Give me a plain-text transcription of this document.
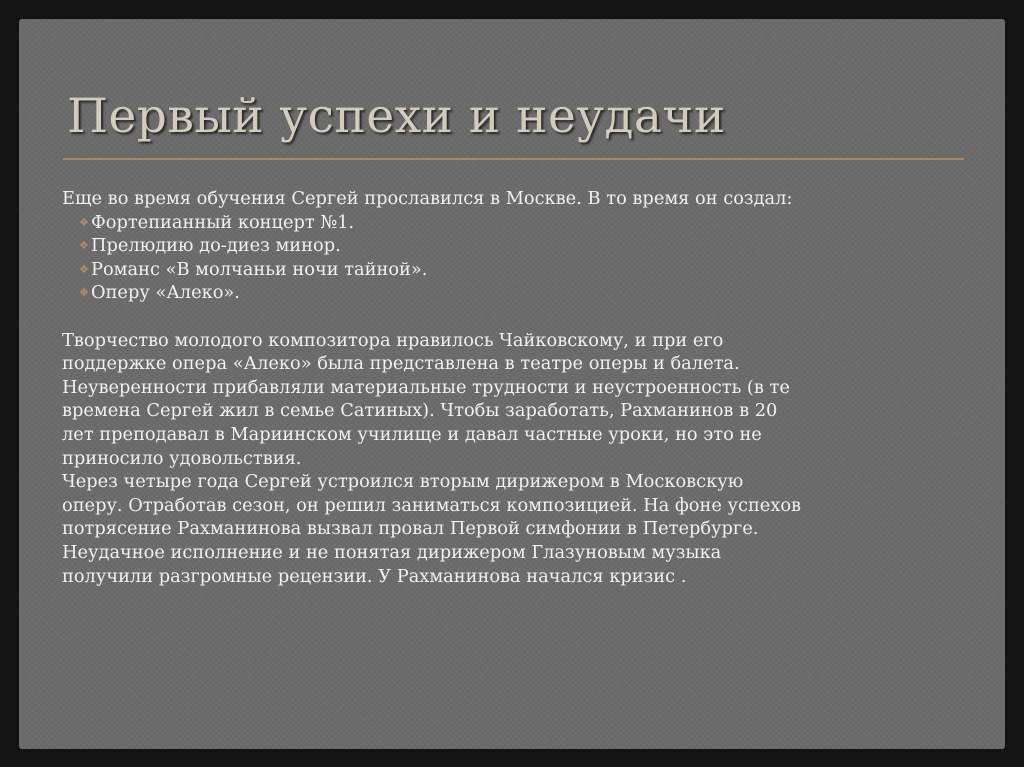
Первый успехи и неудачи

Еще во время обучения Сергей прославился в Москве. В то время он создал:

❖ Фортепианный концерт №1.
❖ Прелюдию до-диез минор.
❖ Романс «В молчаньи ночи тайной».
❖ Оперу «Алеко».

Творчество молодого композитора нравилось Чайковскому, и при его

поддержке опера «Алеко» была представлена в театре оперы и балета.

Неуверенности прибавляли материальные трудности и неустроенность (в те

времена Сергей жил в семье Сатиных). Чтобы заработать, Рахманинов в 20

лет преподавал в Мариинском училище и давал частные уроки, но это не

приносило удовольствия.

Через четыре года Сергей устроился вторым дирижером в Московскую

оперу. Отработав сезон, он решил заниматься композицией. На фоне успехов

потрясение Рахманинова вызвал провал Первой симфонии в Петербурге.

Неудачное исполнение и не понятая дирижером Глазуновым музыка

получили разгромные рецензии. У Рахманинова начался кризис .
